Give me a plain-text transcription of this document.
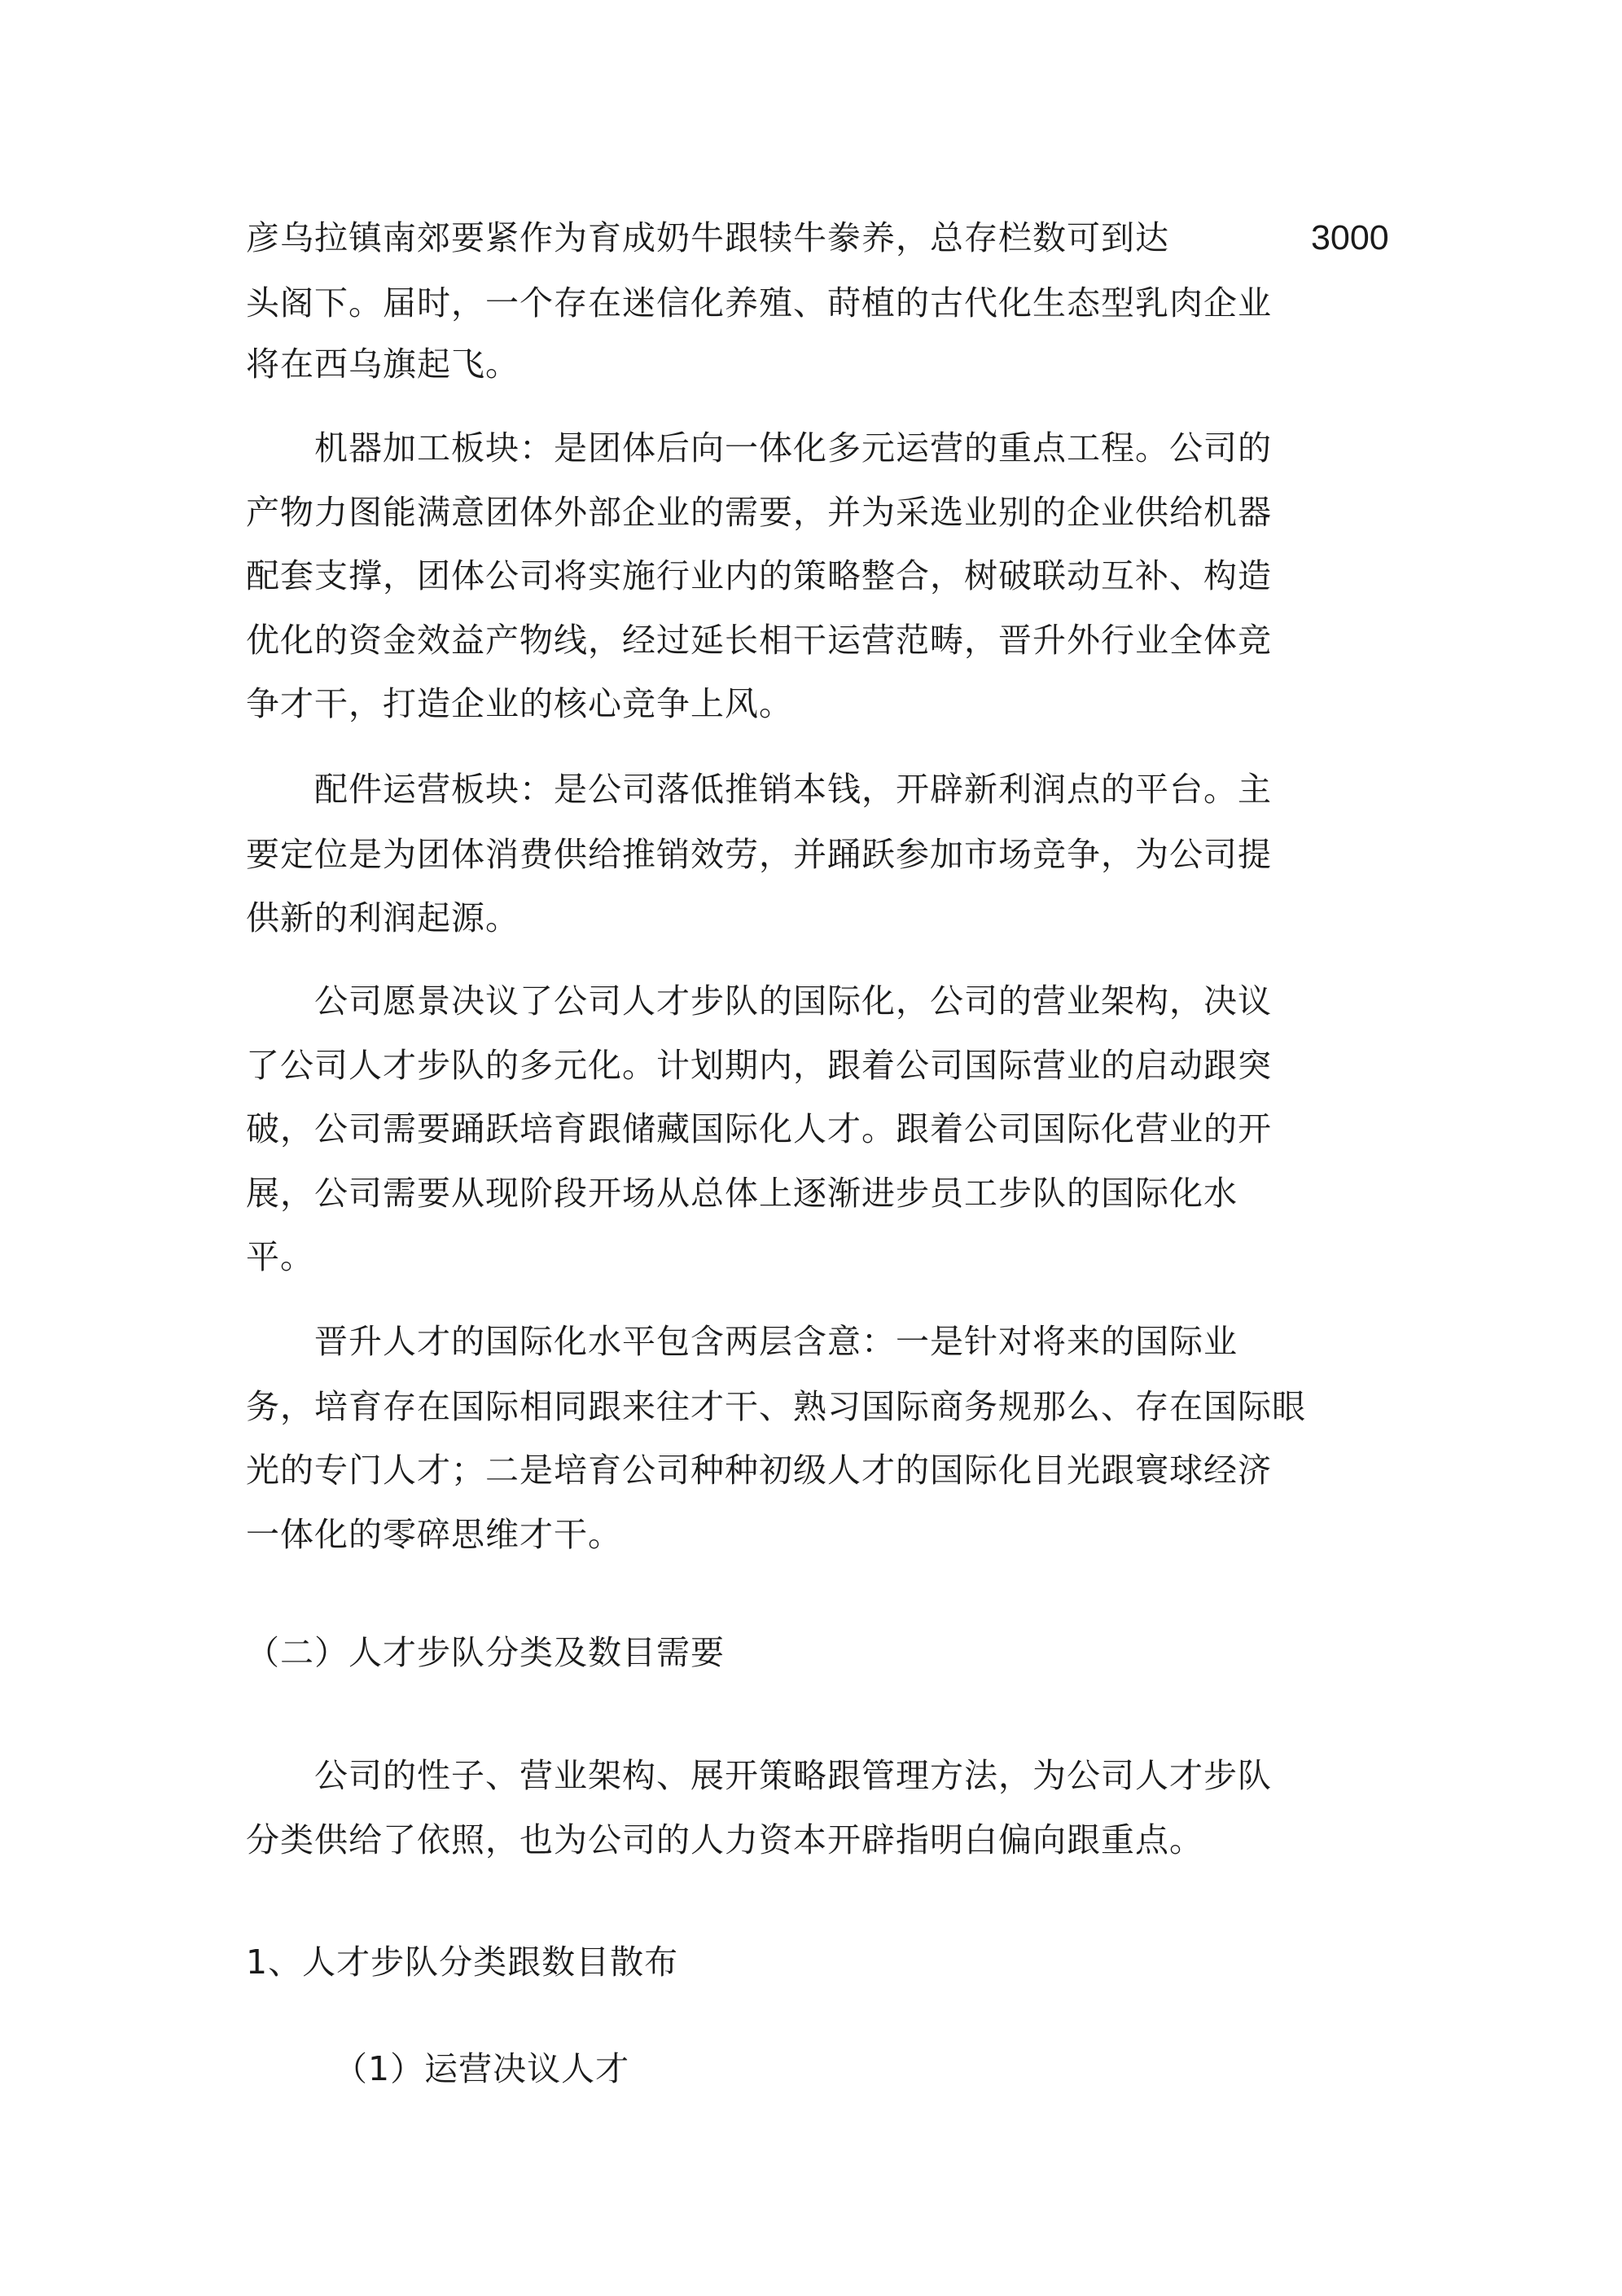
彦乌拉镇南郊要紧作为育成奶牛跟犊牛豢养，总存栏数可到达	3000
头阁下。届时，一个存在迷信化养殖、莳植的古代化生态型乳肉企业
将在西乌旗起飞。
　　机器加工板块：是团体后向一体化多元运营的重点工程。公司的
产物力图能满意团体外部企业的需要，并为采选业别的企业供给机器
配套支撑，团体公司将实施行业内的策略整合，树破联动互补、构造
优化的资金效益产物线，经过延长相干运营范畴，晋升外行业全体竞
争才干，打造企业的核心竞争上风。
　　配件运营板块：是公司落低推销本钱，开辟新利润点的平台。主
要定位是为团体消费供给推销效劳，并踊跃参加市场竞争，为公司提
供新的利润起源。
　　公司愿景决议了公司人才步队的国际化，公司的营业架构，决议
了公司人才步队的多元化。计划期内，跟着公司国际营业的启动跟突
破，公司需要踊跃培育跟储藏国际化人才。跟着公司国际化营业的开
展，公司需要从现阶段开场从总体上逐渐进步员工步队的国际化水
平。
　　晋升人才的国际化水平包含两层含意：一是针对将来的国际业
务，培育存在国际相同跟来往才干、熟习国际商务规那么、存在国际眼
光的专门人才；二是培育公司种种初级人才的国际化目光跟寰球经济
一体化的零碎思维才干。
（二）人才步队分类及数目需要
　　公司的性子、营业架构、展开策略跟管理方法，为公司人才步队
分类供给了依照，也为公司的人力资本开辟指明白偏向跟重点。
1、人才步队分类跟数目散布
（1）运营决议人才
